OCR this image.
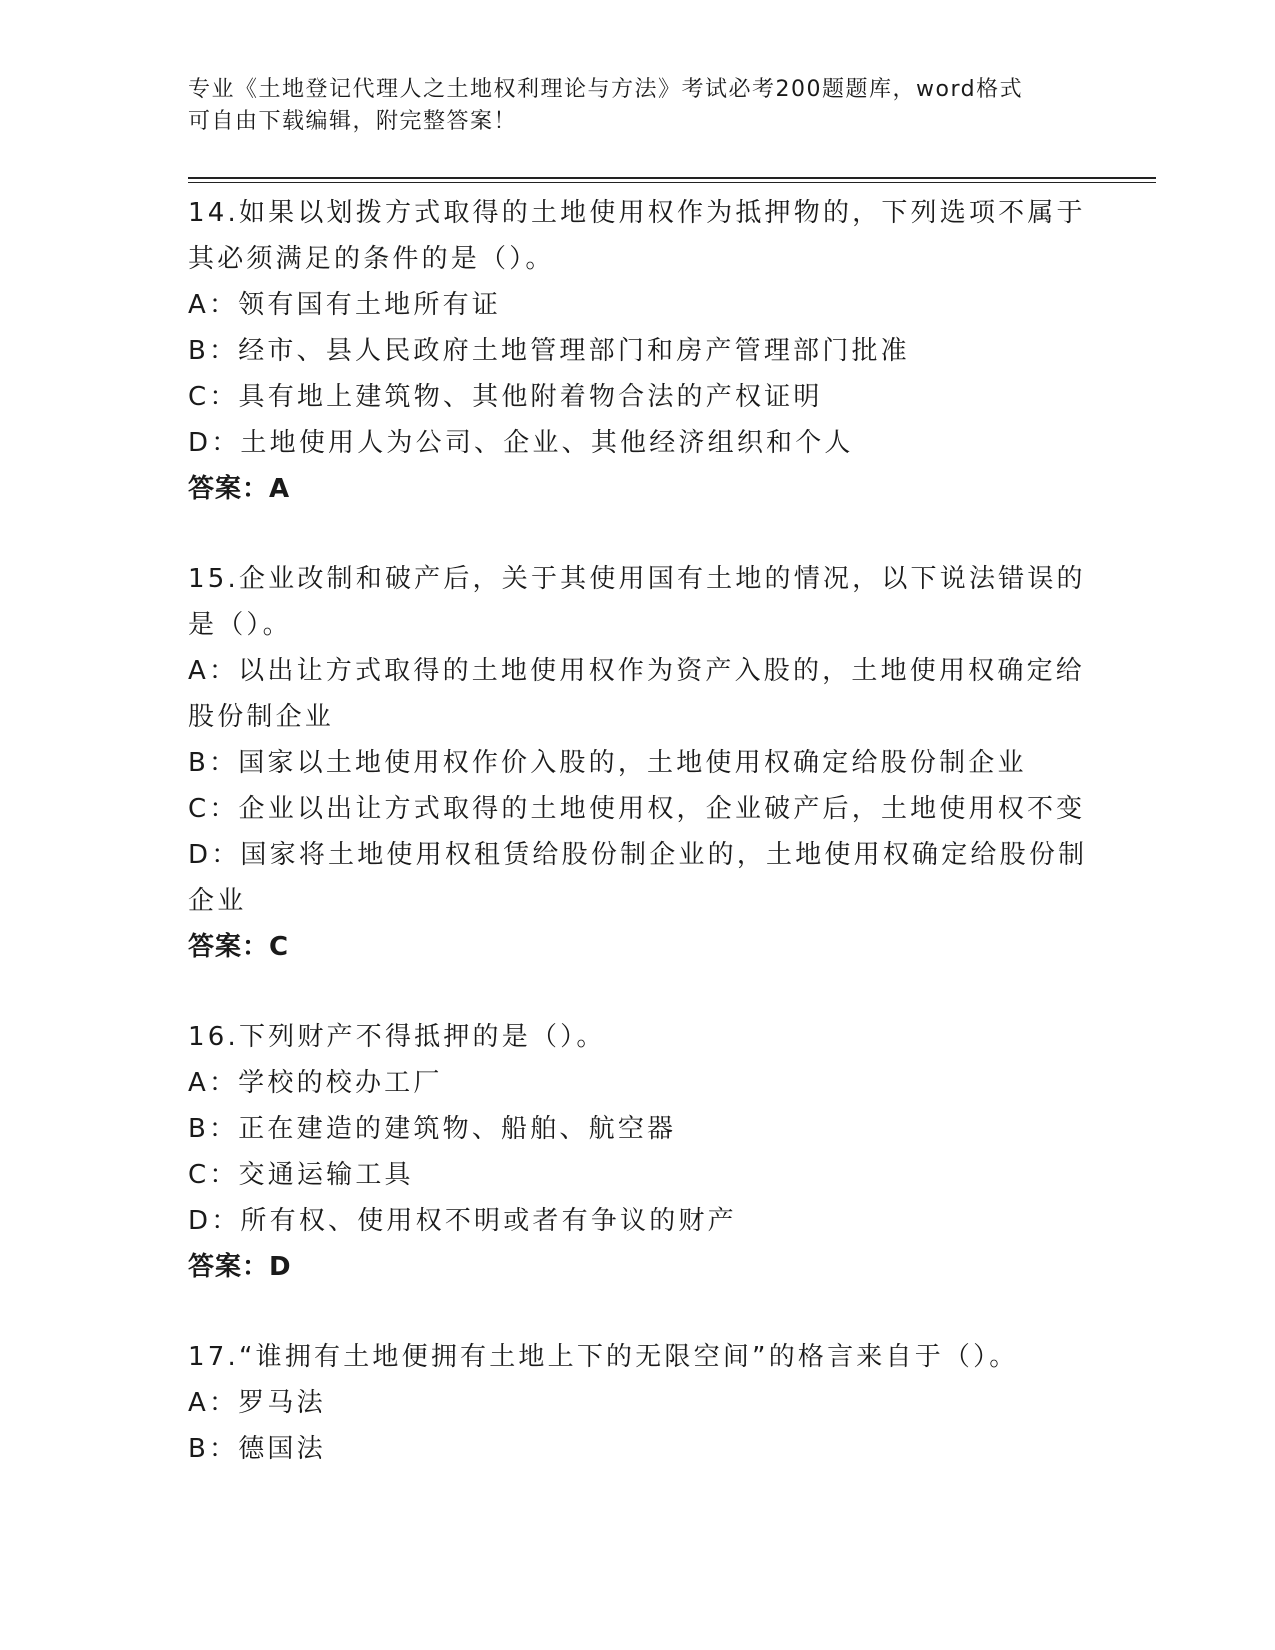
专业《土地登记代理人之土地权利理论与方法》考试必考200题题库，word格式
可自由下载编辑，附完整答案！
14.如果以划拨方式取得的土地使用权作为抵押物的，下列选项不属于
其必须满足的条件的是（）。
A：领有国有土地所有证
B：经市、县人民政府土地管理部门和房产管理部门批准
C：具有地上建筑物、其他附着物合法的产权证明
D：土地使用人为公司、企业、其他经济组织和个人
答案：A
15.企业改制和破产后，关于其使用国有土地的情况，以下说法错误的
是（）。
A：以出让方式取得的土地使用权作为资产入股的，土地使用权确定给
股份制企业
B：国家以土地使用权作价入股的，土地使用权确定给股份制企业
C：企业以出让方式取得的土地使用权，企业破产后，土地使用权不变
D：国家将土地使用权租赁给股份制企业的，土地使用权确定给股份制
企业
答案：C
16.下列财产不得抵押的是（）。
A：学校的校办工厂
B：正在建造的建筑物、船舶、航空器
C：交通运输工具
D：所有权、使用权不明或者有争议的财产
答案：D
17.“谁拥有土地便拥有土地上下的无限空间”的格言来自于（）。
A：罗马法
B：德国法
